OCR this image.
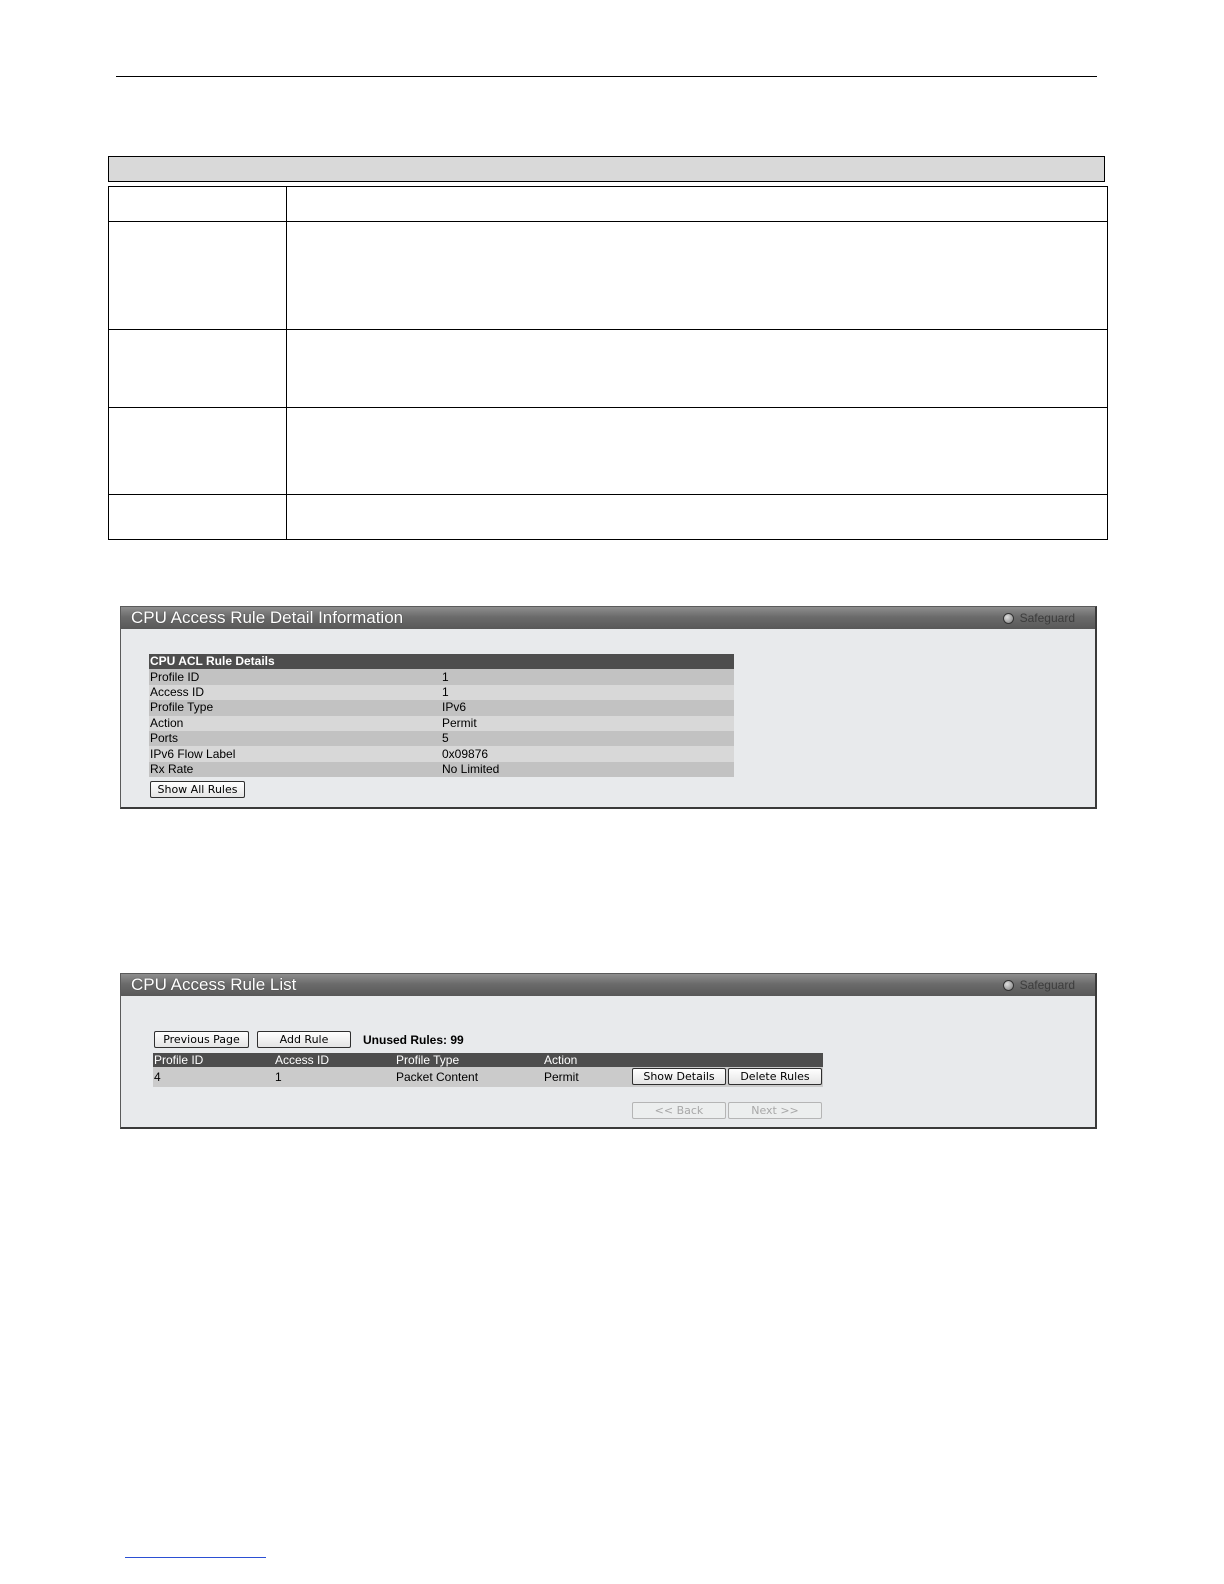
CPU Access Rule Detail Information	Safeguard
CPU ACL Rule Details	
Profile ID	1
Access ID	1
Profile Type	IPv6
Action	Permit
Ports	5
IPv6 Flow Label	0x09876
Rx Rate	No Limited
Show All Rules
CPU Access Rule List	Safeguard
Previous Page	Add Rule	Unused Rules: 99
Profile ID	Access ID	Profile Type	Action	
4	1	Packet Content	Permit		Show Details	Delete Rules
<< Back	Next >>
